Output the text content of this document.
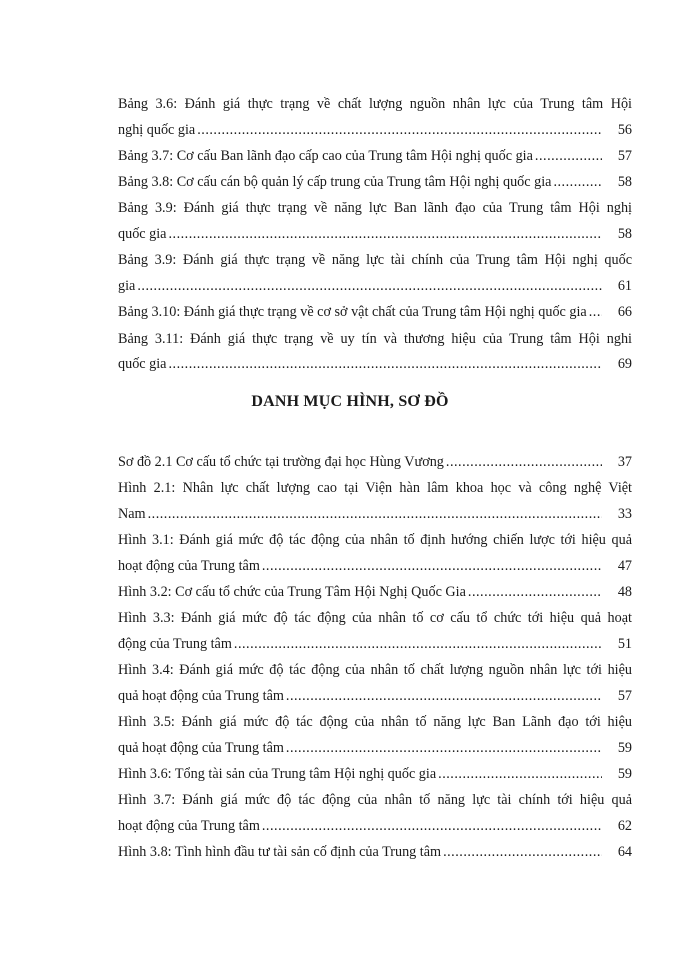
Bảng 3.6: Đánh giá thực trạng về chất lượng nguồn nhân lực của Trung tâm Hội
nghị quốc gia .....	56
Bảng 3.7: Cơ cấu Ban lãnh đạo cấp cao của Trung tâm Hội nghị quốc gia .....	57
Bảng 3.8: Cơ cấu cán bộ quản lý cấp trung của Trung tâm Hội nghị quốc gia .....	58
Bảng 3.9: Đánh giá thực trạng về năng lực Ban lãnh đạo của Trung tâm Hội nghị
quốc gia .....	58
Bảng 3.9: Đánh giá thực trạng về năng lực tài chính của Trung tâm Hội nghị quốc
gia .....	61
Bảng 3.10: Đánh giá thực trạng về cơ sở vật chất của Trung tâm Hội nghị quốc gia .....	66
Bảng 3.11: Đánh giá thực trạng về uy tín và thương hiệu của Trung tâm Hội nghi
quốc gia .....	69
DANH MỤC HÌNH, SƠ ĐỒ
Sơ đồ 2.1 Cơ cấu tổ chức tại trường đại học Hùng Vương .....	37
Hình 2.1: Nhân lực chất lượng cao tại Viện hàn lâm khoa học và công nghệ Việt
Nam .....	33
Hình 3.1: Đánh giá mức độ tác động của nhân tố định hướng chiến lược tới hiệu quả
hoạt động của Trung tâm .....	47
Hình 3.2: Cơ cấu tổ chức của Trung Tâm Hội Nghị Quốc Gia .....	48
Hình 3.3: Đánh giá mức độ tác động của nhân tố cơ cấu tổ chức tới hiệu quả hoạt
động của Trung tâm .....	51
Hình 3.4: Đánh giá mức độ tác động của nhân tố chất lượng nguồn nhân lực tới hiệu
quả hoạt động của Trung tâm .....	57
Hình 3.5: Đánh giá mức độ tác động của nhân tố năng lực Ban Lãnh đạo tới hiệu
quả hoạt động của Trung tâm .....	59
Hình 3.6: Tổng tài sản của Trung tâm Hội nghị quốc gia .....	59
Hình 3.7: Đánh giá mức độ tác động của nhân tố năng lực tài chính tới hiệu quả
hoạt động của Trung tâm .....	62
Hình 3.8: Tình hình đầu tư tài sản cố định của Trung tâm .....	64
